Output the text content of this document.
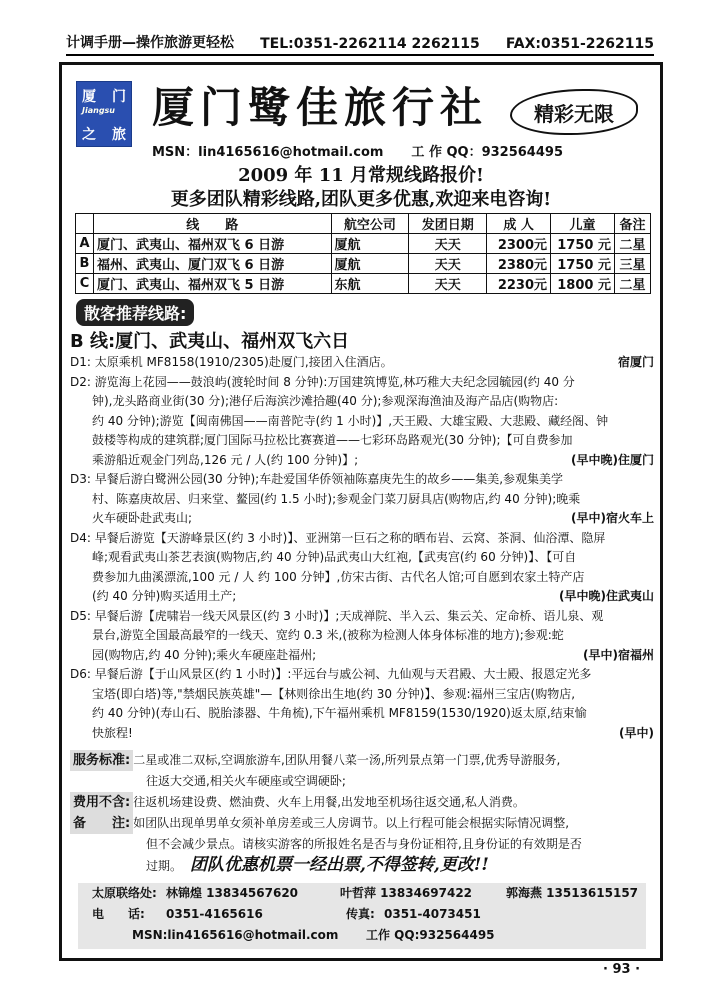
计调手册—操作旅游更轻松 TEL:0351-2262114 2262115 FAX:0351-2262115
厦 门
Jiangsu
之 旅
厦门鹭佳旅行社	精彩无限
MSN：lin4165616@hotmail.com 工 作 QQ：932564495
2009 年 11 月常规线路报价!
更多团队精彩线路,团队更多优惠,欢迎来电咨询!
	线　　路	航空公司	发团日期	成 人	儿童	备注
A	厦门、武夷山、福州双飞 6 日游	厦航	天天	2300元	1750 元	二星
B	福州、武夷山、厦门双飞 6 日游	厦航	天天	2380元	1750 元	三星
C	厦门、武夷山、福州双飞 5 日游	东航	天天	2230元	1800 元	二星
散客推荐线路:
B 线:厦门、武夷山、福州双飞六日
D1: 太原乘机 MF8158(1910/2305)赴厦门,接团入住酒店。	宿厦门
D2: 游览海上花园——鼓浪屿(渡轮时间 8 分钟):万国建筑博览,林巧稚大夫纪念园毓园(约 40 分
钟),龙头路商业街(30 分);港仔后海滨沙滩拾趣(40 分);参观深海渔油及海产品店(购物店:
约 40 分钟);游览【闽南佛国——南普陀寺(约 1 小时)】,天王殿、大雄宝殿、大悲殿、藏经阁、钟
鼓楼等构成的建筑群;厦门国际马拉松比赛赛道——七彩环岛路观光(30 分钟);【可自费参加
乘游船近观金门列岛,126 元 / 人(约 100 分钟)】;	(早中晚)住厦门
D3: 早餐后游白鹭洲公园(30 分钟);车赴爱国华侨领袖陈嘉庚先生的故乡——集美,参观集美学
村、陈嘉庚故居、归来堂、鳌园(约 1.5 小时);参观金门菜刀厨具店(购物店,约 40 分钟);晚乘
火车硬卧赴武夷山;	(早中)宿火车上
D4: 早餐后游览【天游峰景区(约 3 小时)】、亚洲第一巨石之称的晒布岩、云窝、茶洞、仙浴潭、隐屏
峰;观看武夷山茶艺表演(购物店,约 40 分钟)品武夷山大红袍,【武夷宫(约 60 分钟)】、【可自
费参加九曲溪漂流,100 元 / 人 约 100 分钟】,仿宋古街、古代名人馆;可自愿到农家土特产店
(约 40 分钟)购买适用土产;	(早中晚)住武夷山
D5: 早餐后游【虎啸岩一线天风景区(约 3 小时)】;天成禅院、半入云、集云关、定命桥、语儿泉、观
景台,游览全国最高最窄的一线天、宽约 0.3 米,(被称为检测人体身体标准的地方);参观:蛇
园(购物店,约 40 分钟);乘火车硬座赴福州;	(早中)宿福州
D6: 早餐后游【于山风景区(约 1 小时)】:平远台与戚公祠、九仙观与天君殿、大士殿、报恩定光多
宝塔(即白塔)等,"禁烟民族英雄"—【林则徐出生地(约 30 分钟)】、参观:福州三宝店(购物店,
约 40 分钟)(寿山石、脱胎漆器、牛角梳),下午福州乘机 MF8159(1530/1920)返太原,结束愉
快旅程!	(早中)
服务标准: 二星或准二双标,空调旅游车,团队用餐八菜一汤,所列景点第一门票,优秀导游服务,
往返大交通,相关火车硬座或空调硬卧;
费用不含: 往返机场建设费、燃油费、火车上用餐,出发地至机场往返交通,私人消费。
备　　注: 如团队出现单男单女须补单房差或三人房调节。以上行程可能会根据实际情况调整,
但不会减少景点。请核实游客的所报姓名是否与身份证相符,且身份证的有效期是否
过期。 团队优惠机票一经出票,不得签转,更改!!
太原联络处: 林锦煌 13834567620	叶哲萍 13834697422	郭海燕 13513615157
电　　话: 0351-4165616	传真: 0351-4073451
MSN:lin4165616@hotmail.com 工作 QQ:932564495
· 93 ·
